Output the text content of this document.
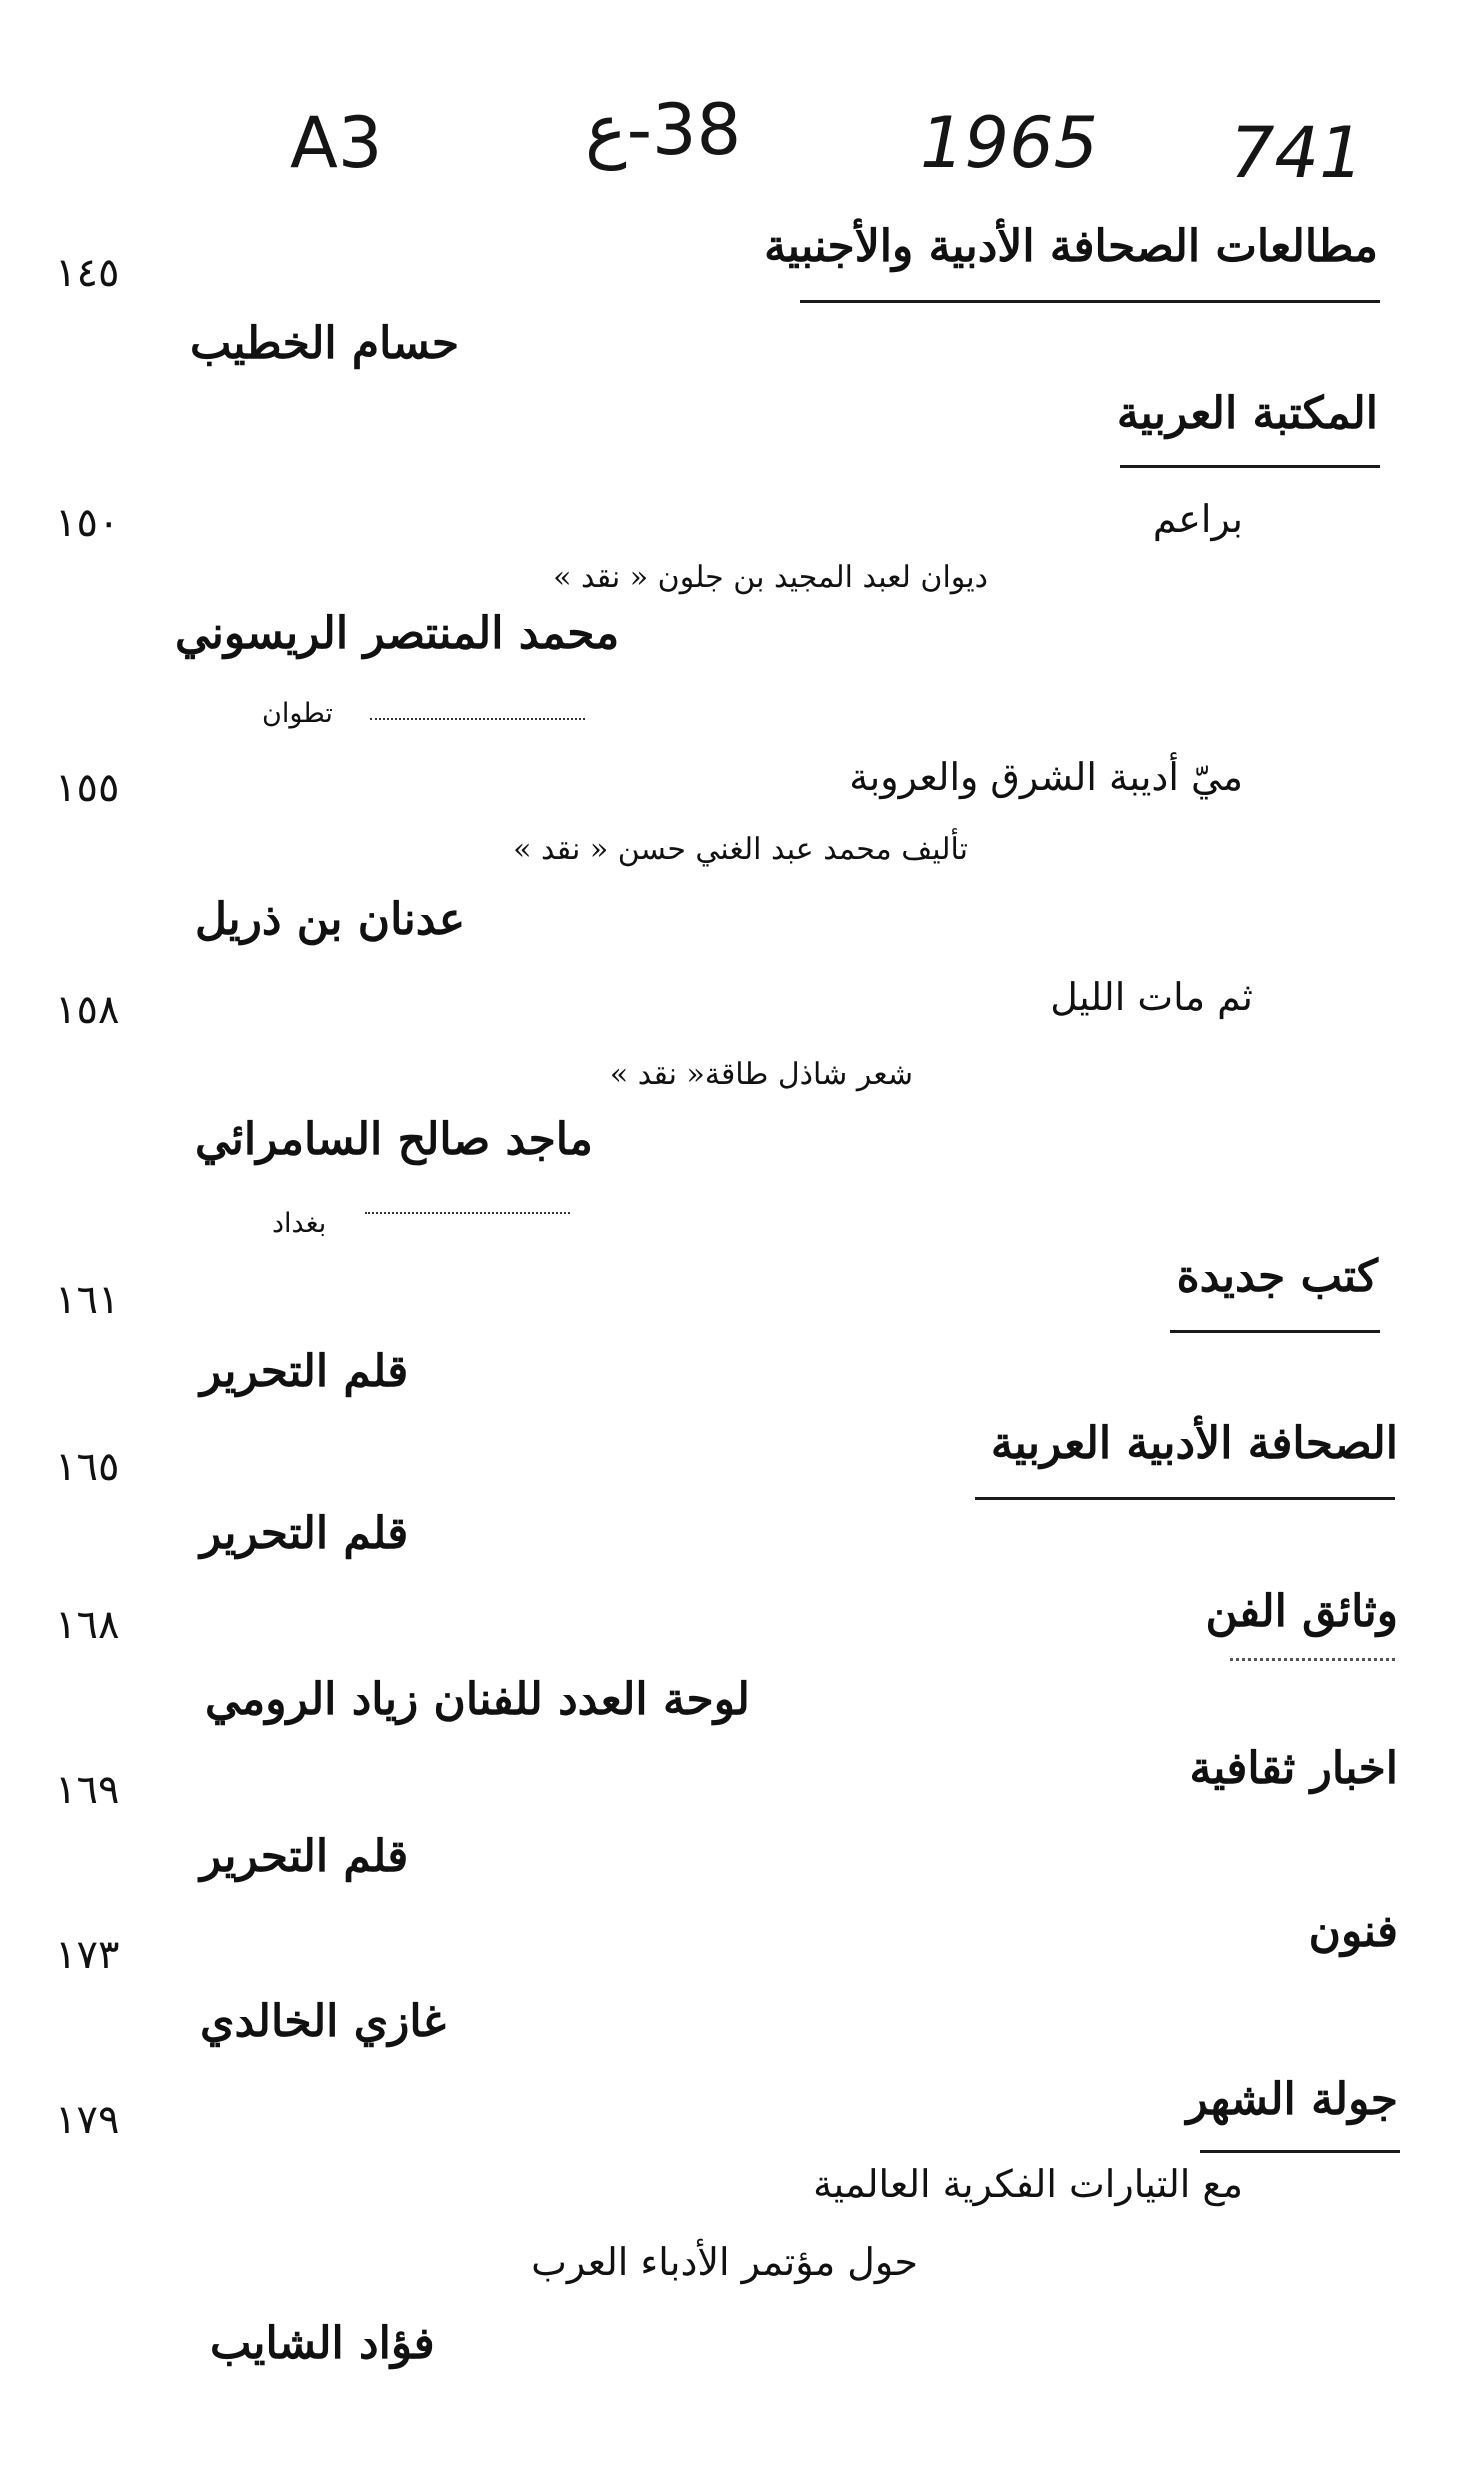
A3	38-ع	1965 741
مطالعات الصحافة الأدبية والأجنبية
١٤٥
حسام الخطيب
المكتبة العربية
براعم
١٥٠
ديوان لعبد المجيد بن جلون « نقد »
محمد المنتصر الريسوني
تطوان
ميّ أديبة الشرق والعروبة
١٥٥
تأليف محمد عبد الغني حسن « نقد »
عدنان بن ذريل
ثم مات الليل
١٥٨
شعر شاذل طاقة« نقد »
ماجد صالح السامرائي
بغداد
كتب جديدة
١٦١
قلم التحرير
الصحافة الأدبية العربية
١٦٥
قلم التحرير
وثائق الفن
١٦٨
لوحة العدد للفنان زياد الرومي
اخبار ثقافية
١٦٩
قلم التحرير
فنون
١٧٣
غازي الخالدي
جولة الشهر
١٧٩
مع التيارات الفكرية العالمية
حول مؤتمر الأدباء العرب
فؤاد الشايب
